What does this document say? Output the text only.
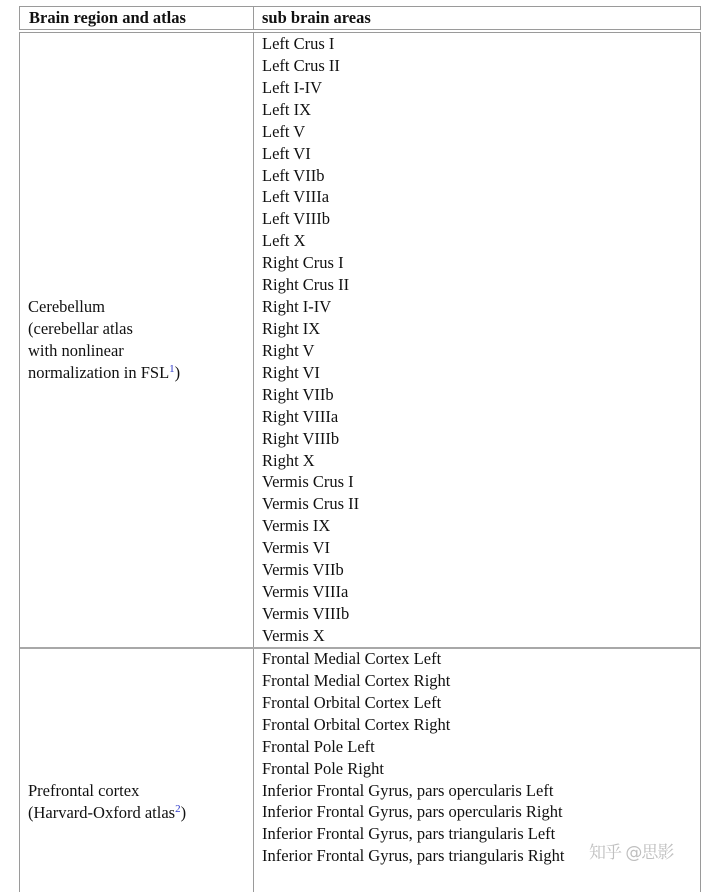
Brain region and atlas	sub brain areas
Cerebellum
(cerebellar atlas
with nonlinear
normalization in FSL$^1$)
Left Crus I
Left Crus II
Left I-IV
Left IX
Left V
Left VI
Left VIIb
Left VIIIa
Left VIIIb
Left X
Right Crus I
Right Crus II
Right I-IV
Right IX
Right V
Right VI
Right VIIb
Right VIIIa
Right VIIIb
Right X
Vermis Crus I
Vermis Crus II
Vermis IX
Vermis VI
Vermis VIIb
Vermis VIIIa
Vermis VIIIb
Vermis X
Prefrontal cortex
(Harvard-Oxford atlas$^2$)
Frontal Medial Cortex Left
Frontal Medial Cortex Right
Frontal Orbital Cortex Left
Frontal Orbital Cortex Right
Frontal Pole Left
Frontal Pole Right
Inferior Frontal Gyrus, pars opercularis Left
Inferior Frontal Gyrus, pars opercularis Right
Inferior Frontal Gyrus, pars triangularis Left
Inferior Frontal Gyrus, pars triangularis Right 知乎 @思影
